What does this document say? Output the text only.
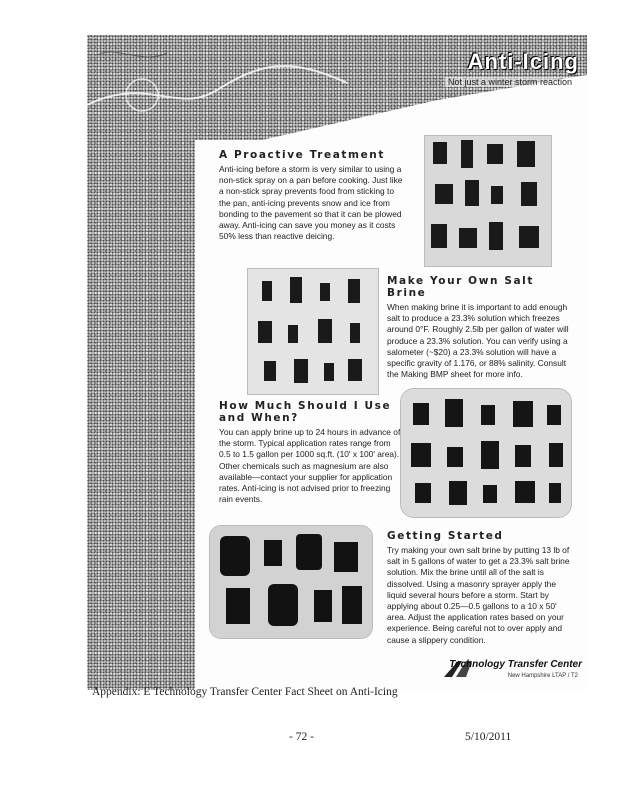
Anti-Icing
Not just a winter storm reaction
A Proactive Treatment

Anti-icing before a storm is very similar to using a non-stick spray on a pan before cooking. Just like a non-stick spray prevents food from sticking to the pan, anti-icing prevents snow and ice from bonding to the pavement so that it can be plowed away. Anti-icing can save you money as it costs 50% less than reactive deicing.

Make Your Own Salt Brine

When making brine it is important to add enough salt to produce a 23.3% solution which freezes around 0°F. Roughly 2.5lb per gallon of water will produce a 23.3% solution. You can verify using a salometer (~$20) a 23.3% solution will have a specific gravity of 1.176, or 88% salinity. Consult the Making BMP sheet for more info.

How Much Should I Use and When?

You can apply brine up to 24 hours in advance of the storm. Typical application rates range from 0.5 to 1.5 gallon per 1000 sq.ft. (10' x 100' area). Other chemicals such as magnesium are also available—contact your supplier for application rates. Anti-icing is not advised prior to freezing rain events.

Getting Started

Try making your own salt brine by putting 13 lb of salt in 5 gallons of water to get a 23.3% salt brine solution. Mix the brine until all of the salt is dissolved. Using a masonry sprayer apply the liquid several hours before a storm. Start by applying about 0.25—0.5 gallons to a 10 x 50' area. Adjust the application rates based on your experience. Being careful not to over apply and cause a slippery condition.

Technology Transfer Center
New Hampshire LTAP / T2
Appendix: E Technology Transfer Center Fact Sheet on Anti-Icing
- 72 -	5/10/2011
